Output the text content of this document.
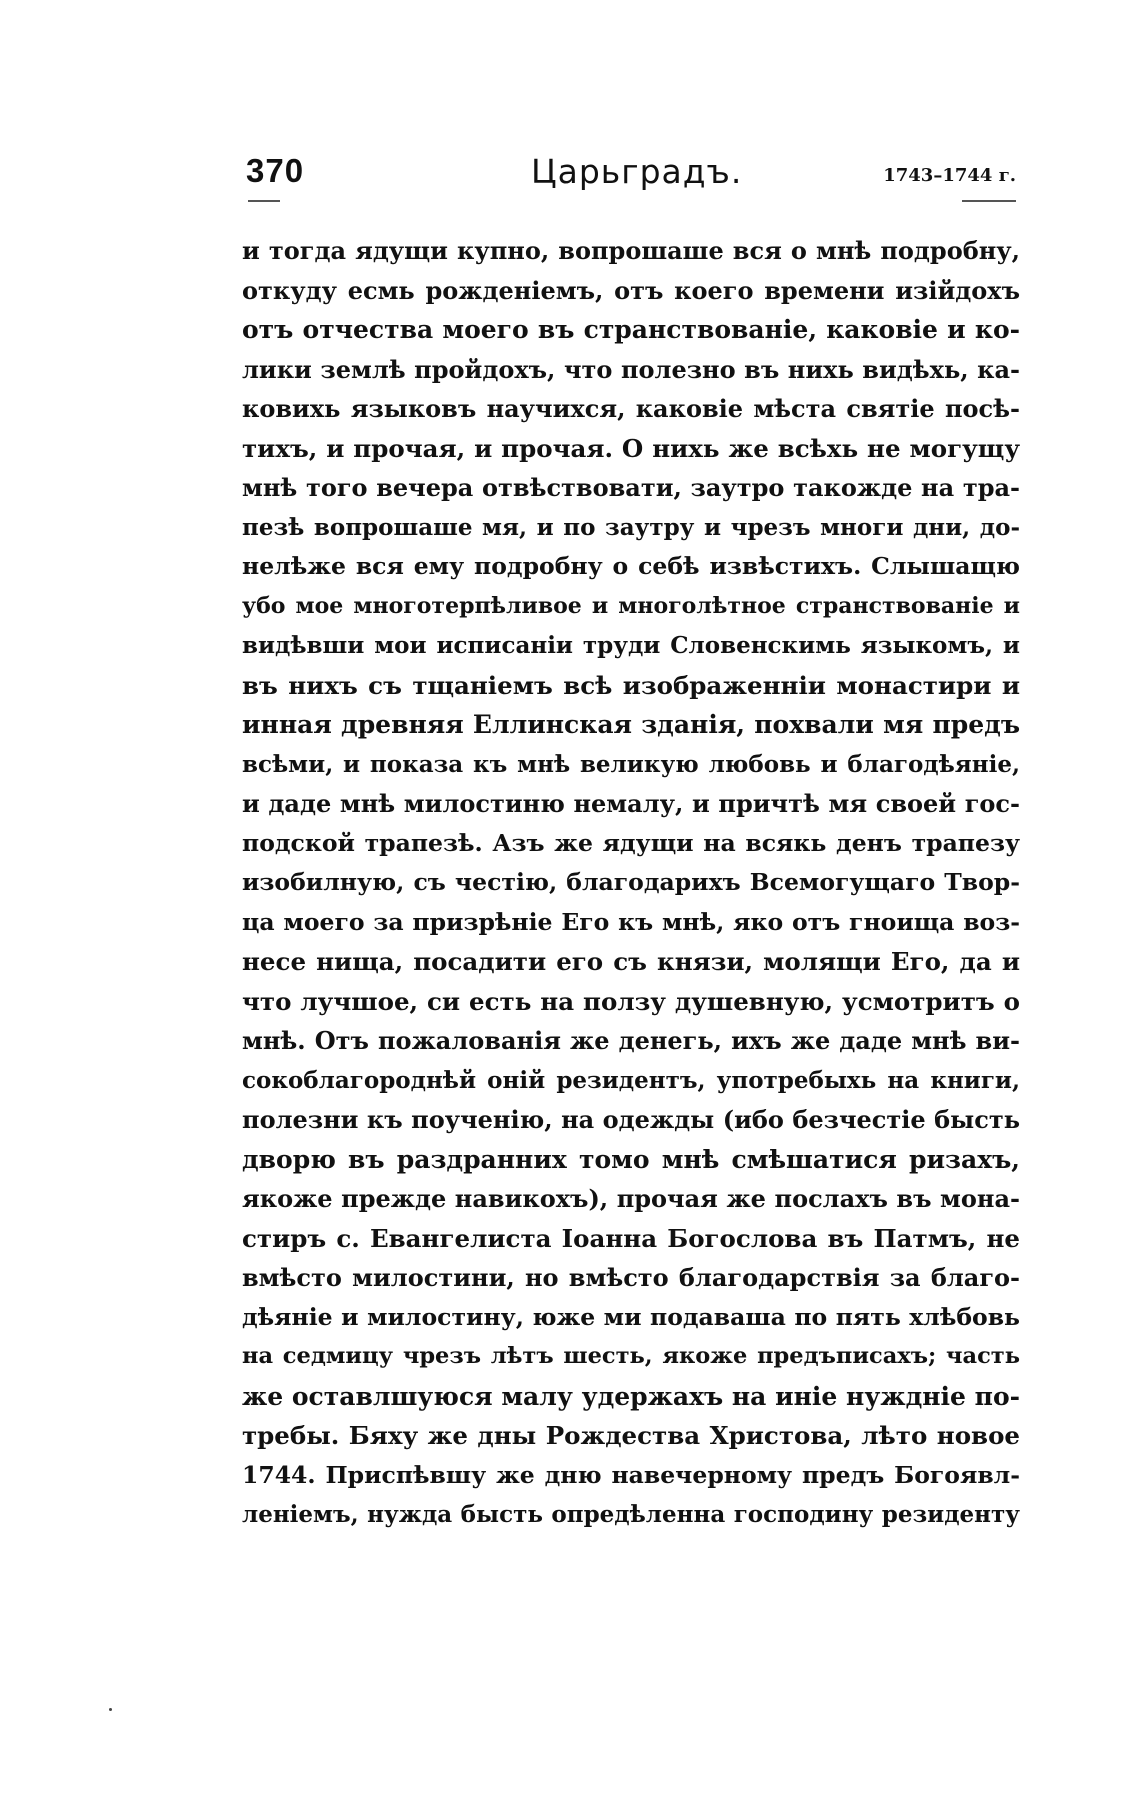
370	Царьградъ.	1743–1744 г.
и тогда ядущи купно, вопрошаше вся о мнѣ подробну,
откуду есмь рожденіемъ, отъ коего времени изійдохъ
отъ отчества моего въ странствованіе, каковіе и ко-
лики землѣ пройдохъ, что полезно въ нихь видѣхь, ка-
ковихь языковъ научихся, каковіе мѣста святіе посѣ-
тихъ, и прочая, и прочая. О нихь же всѣхь не могущу
мнѣ того вечера отвѣствовати, заутро такожде на тра-
пезѣ вопрошаше мя, и по заутру и чрезъ многи дни, до-
нелѣже вся ему подробну о себѣ извѣстихъ. Слышащю
убо мое многотерпѣливое и многолѣтное странствованіе и
видѣвши мои исписаніи труди Словенскимь языкомъ, и
въ нихъ съ тщаніемъ всѣ изображенніи монастири и
инная древняя Еллинская зданія, похвали мя предъ
всѣми, и показа къ мнѣ великую любовь и благодѣяніе,
и даде мнѣ милостиню немалу, и причтѣ мя своей гос-
подской трапезѣ. Азъ же ядущи на всякь денъ трапезу
изобилную, съ честію, благодарихъ Всемогущаго Твор-
ца моего за призрѣніе Его къ мнѣ, яко отъ гноища воз-
несе нища, посадити его съ князи, молящи Его, да и
что лучшое, си есть на ползу душевную, усмотритъ о
мнѣ. Отъ пожалованія же денегь, ихъ же даде мнѣ ви-
сокоблагороднѣй оній резидентъ, употребыхь на книги,
полезни къ поученію, на одежды (ибо безчестіе бысть
дворю въ раздранних томо мнѣ смѣшатися ризахъ,
якоже прежде навикохъ), прочая же послахъ въ мона-
стиръ с. Евангелиста Іоанна Богослова въ Патмъ, не
вмѣсто милостини, но вмѣсто благодарствія за благо-
дѣяніе и милостину, юже ми подаваша по пять хлѣбовь
на седмицу чрезъ лѣтъ шесть, якоже предъписахъ; часть
же оставлшуюся малу удержахъ на иніе нуждніе по-
требы. Бяху же дны Рождества Христова, лѣто новое
1744. Приспѣвшу же дню навечерному предъ Богоявл-
леніемъ, нужда бысть опредѣленна господину резиденту
